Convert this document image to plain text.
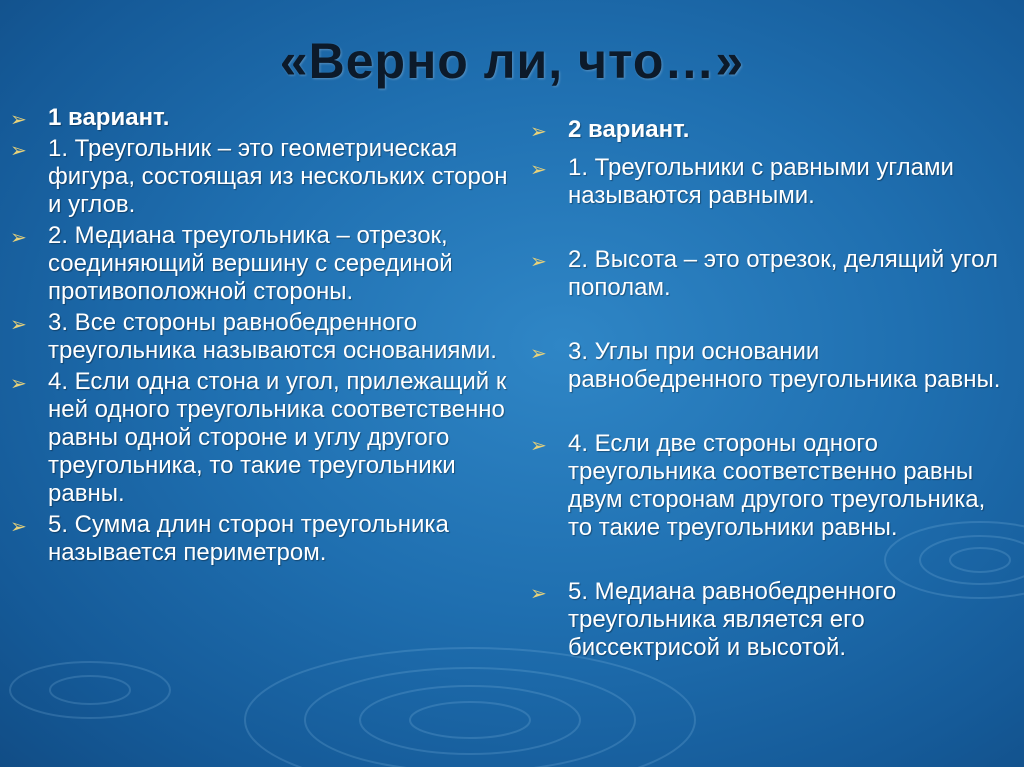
«Верно ли, что…»
➢ 1 вариант.
➢ 1. Треугольник – это геометрическая фигура, состоящая из нескольких сторон и углов.
➢ 2. Медиана треугольника – отрезок, соединяющий вершину с серединой противоположной стороны.
➢ 3. Все стороны равнобедренного треугольника называются основаниями.
➢ 4. Если одна стона и угол, прилежащий к ней одного треугольника соответственно равны одной стороне и углу другого треугольника, то такие треугольники равны.
➢ 5. Сумма длин сторон треугольника называется периметром.
➢ 2 вариант.
➢ 1. Треугольники с равными углами называются равными.
➢ 2. Высота – это отрезок, делящий угол пополам.
➢ 3. Углы при основании равнобедренного треугольника равны.
➢ 4. Если две стороны одного треугольника соответственно равны двум сторонам другого треугольника, то такие треугольники равны.
➢ 5. Медиана равнобедренного треугольника является его биссектрисой и высотой.
